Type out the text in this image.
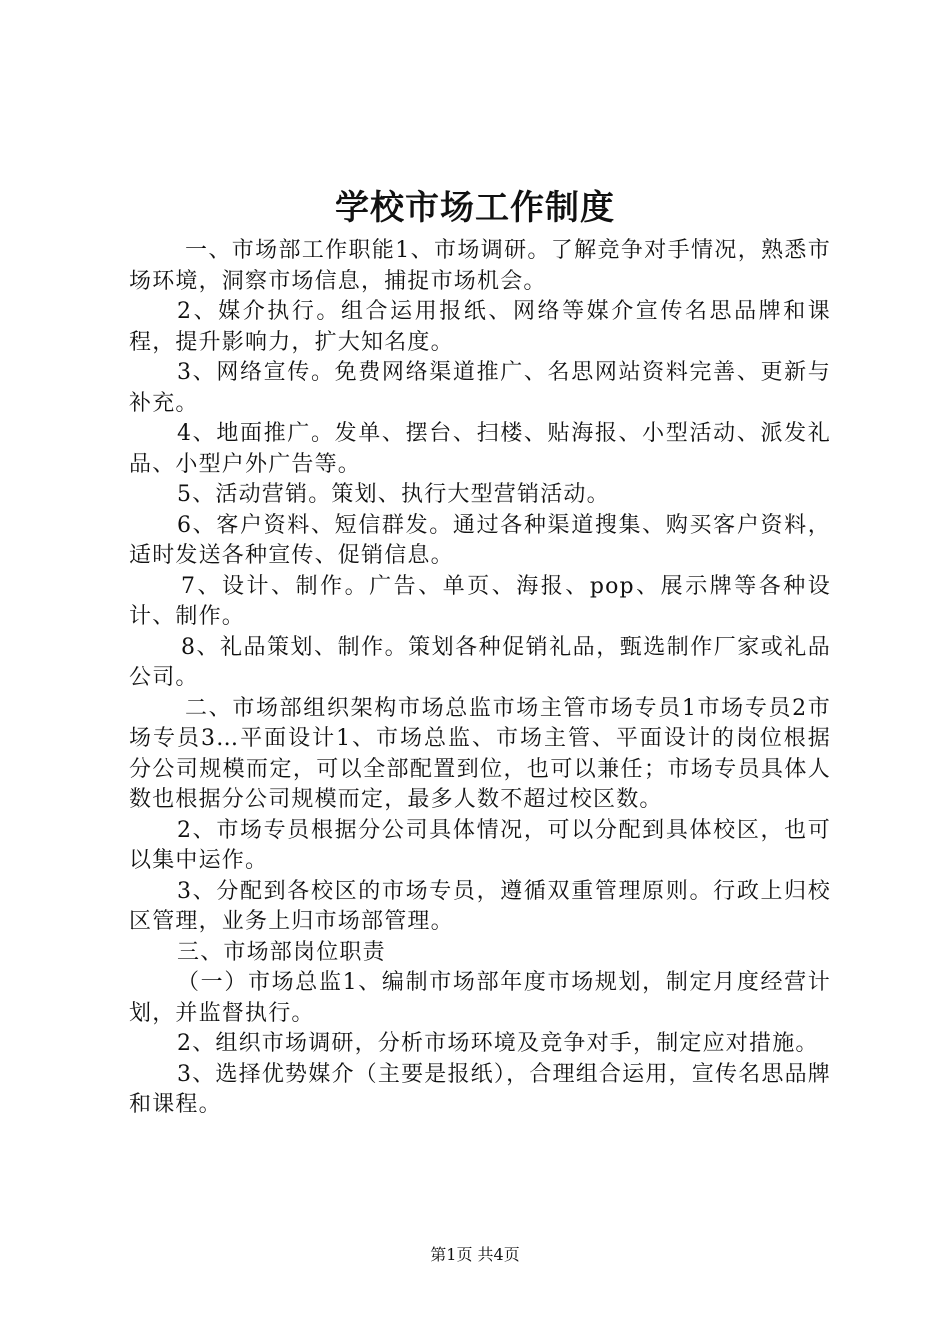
学校市场工作制度

一、市场部工作职能1、市场调研。了解竞争对手情况，熟悉市场环境，洞察市场信息，捕捉市场机会。

2、媒介执行。组合运用报纸、网络等媒介宣传名思品牌和课程，提升影响力，扩大知名度。

3、网络宣传。免费网络渠道推广、名思网站资料完善、更新与补充。

4、地面推广。发单、摆台、扫楼、贴海报、小型活动、派发礼品、小型户外广告等。

5、活动营销。策划、执行大型营销活动。

6、客户资料、短信群发。通过各种渠道搜集、购买客户资料，适时发送各种宣传、促销信息。

7、设计、制作。广告、单页、海报、pop、展示牌等各种设计、制作。

8、礼品策划、制作。策划各种促销礼品，甄选制作厂家或礼品公司。

二、市场部组织架构市场总监市场主管市场专员1市场专员2市场专员3…平面设计1、市场总监、市场主管、平面设计的岗位根据分公司规模而定，可以全部配置到位，也可以兼任；市场专员具体人数也根据分公司规模而定，最多人数不超过校区数。

2、市场专员根据分公司具体情况，可以分配到具体校区，也可以集中运作。

3、分配到各校区的市场专员，遵循双重管理原则。行政上归校区管理，业务上归市场部管理。

三、市场部岗位职责

（一）市场总监1、编制市场部年度市场规划，制定月度经营计划，并监督执行。

2、组织市场调研，分析市场环境及竞争对手，制定应对措施。

3、选择优势媒介（主要是报纸），合理组合运用，宣传名思品牌和课程。

第1页 共4页
